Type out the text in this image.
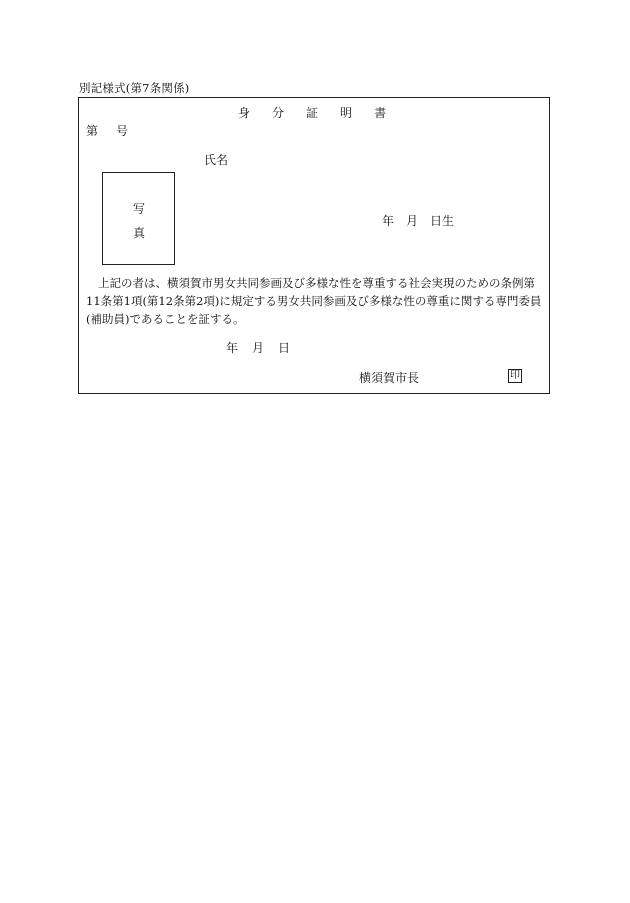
別記様式(第7条関係)
身 分 証 明 書
第 号
氏名
写
真
年 月 日生
上記の者は、横須賀市男女共同参画及び多様な性を尊重する社会実現のための条例第
11条第1項(第12条第2項)に規定する男女共同参画及び多様な性の尊重に関する専門委員
(補助員)であることを証する。
年 月 日
横須賀市長	印
